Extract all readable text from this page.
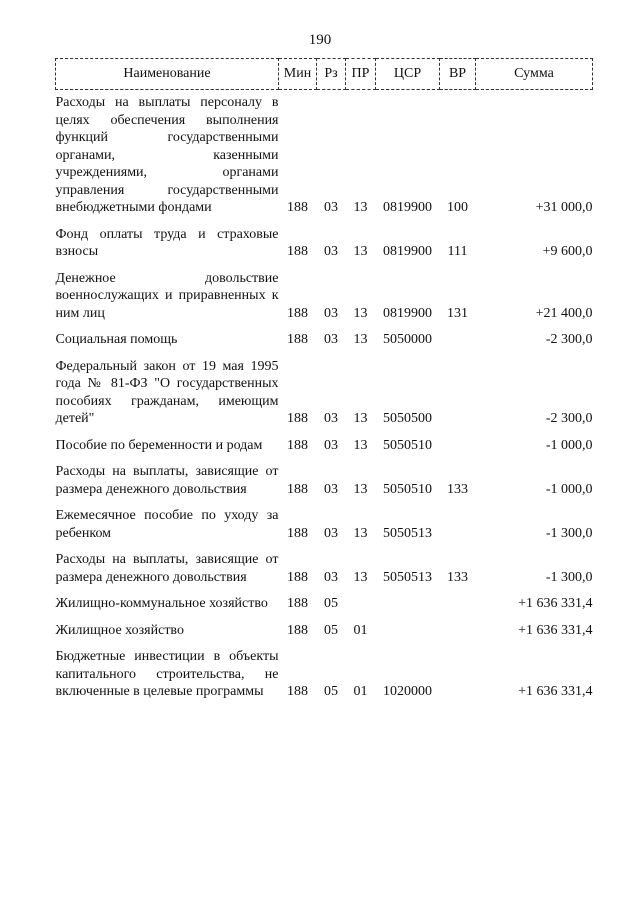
190
Наименование	Мин	Рз	ПР	ЦСР	ВР	Сумма
Расходы на выплаты персоналу в целях обеспечения выполнения функций государственными органами, казенными учреждениями, органами управления государственными внебюджетными фондами	188	03	13	0819900	100	+31 000,0
Фонд оплаты труда и страховые взносы	188	03	13	0819900	111	+9 600,0
Денежное довольствие военнослужащих и приравненных к ним лиц	188	03	13	0819900	131	+21 400,0
Социальная помощь	188	03	13	5050000		-2 300,0
Федеральный закон от 19 мая 1995 года № 81-ФЗ "О государственных пособиях гражданам, имеющим детей"	188	03	13	5050500		-2 300,0
Пособие по беременности и родам	188	03	13	5050510		-1 000,0
Расходы на выплаты, зависящие от размера денежного довольствия	188	03	13	5050510	133	-1 000,0
Ежемесячное пособие по уходу за ребенком	188	03	13	5050513		-1 300,0
Расходы на выплаты, зависящие от размера денежного довольствия	188	03	13	5050513	133	-1 300,0
Жилищно-коммунальное хозяйство	188	05				+1 636 331,4
Жилищное хозяйство	188	05	01			+1 636 331,4
Бюджетные инвестиции в объекты капитального строительства, не включенные в целевые программы	188	05	01	1020000		+1 636 331,4
